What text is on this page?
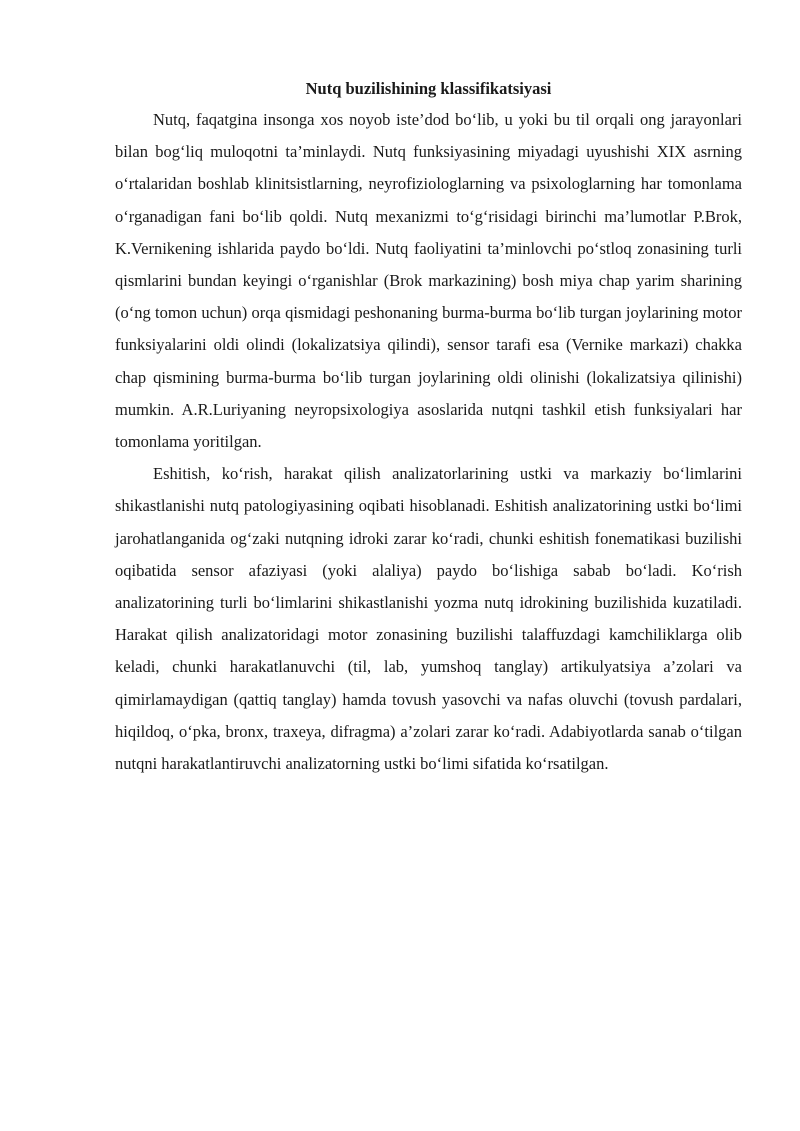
Nutq buzilishining klassifikatsiyasi

Nutq, faqatgina insonga xos noyob iste’dod bo‘lib, u yoki bu til orqali ong jarayonlari bilan bog‘liq muloqotni ta’minlaydi. Nutq funksiyasining miyadagi uyushishi XIX asrning o‘rtalaridan boshlab klinitsistlarning, neyrofiziologlarning va psixologlarning har tomonlama o‘rganadigan fani bo‘lib qoldi. Nutq mexanizmi to‘g‘risidagi birinchi ma’lumotlar P.Brok, K.Vernikening ishlarida paydo bo‘ldi. Nutq faoliyatini ta’minlovchi po‘stloq zonasining turli qismlarini bundan keyingi o‘rganishlar (Brok markazining) bosh miya chap yarim sharining (o‘ng tomon uchun) orqa qismidagi peshonaning burma-burma bo‘lib turgan joylarining motor funksiyalarini oldi olindi (lokalizatsiya qilindi), sensor tarafi esa (Vernike markazi) chakka chap qismining burma-burma bo‘lib turgan joylarining oldi olinishi (lokalizatsiya qilinishi) mumkin. A.R.Luriyaning neyropsixologiya asoslarida nutqni tashkil etish funksiyalari har tomonlama yoritilgan.

Eshitish, ko‘rish, harakat qilish analizatorlarining ustki va markaziy bo‘limlarini shikastlanishi nutq patologiyasining oqibati hisoblanadi. Eshitish analizatorining ustki bo‘limi jarohatlanganida og‘zaki nutqning idroki zarar ko‘radi, chunki eshitish fonematikasi buzilishi oqibatida sensor afaziyasi (yoki alaliya) paydo bo‘lishiga sabab bo‘ladi. Ko‘rish analizatorining turli bo‘limlarini shikastlanishi yozma nutq idrokining buzilishida kuzatiladi. Harakat qilish analizatoridagi motor zonasining buzilishi talaffuzdagi kamchiliklarga olib keladi, chunki harakatlanuvchi (til, lab, yumshoq tanglay) artikulyatsiya a’zolari va qimirlamaydigan (qattiq tanglay) hamda tovush yasovchi va nafas oluvchi (tovush pardalari, hiqildoq, o‘pka, bronx, traxeya, difragma) a’zolari zarar ko‘radi. Adabiyotlarda sanab o‘tilgan nutqni harakatlantiruvchi analizatorning ustki bo‘limi sifatida ko‘rsatilgan.
